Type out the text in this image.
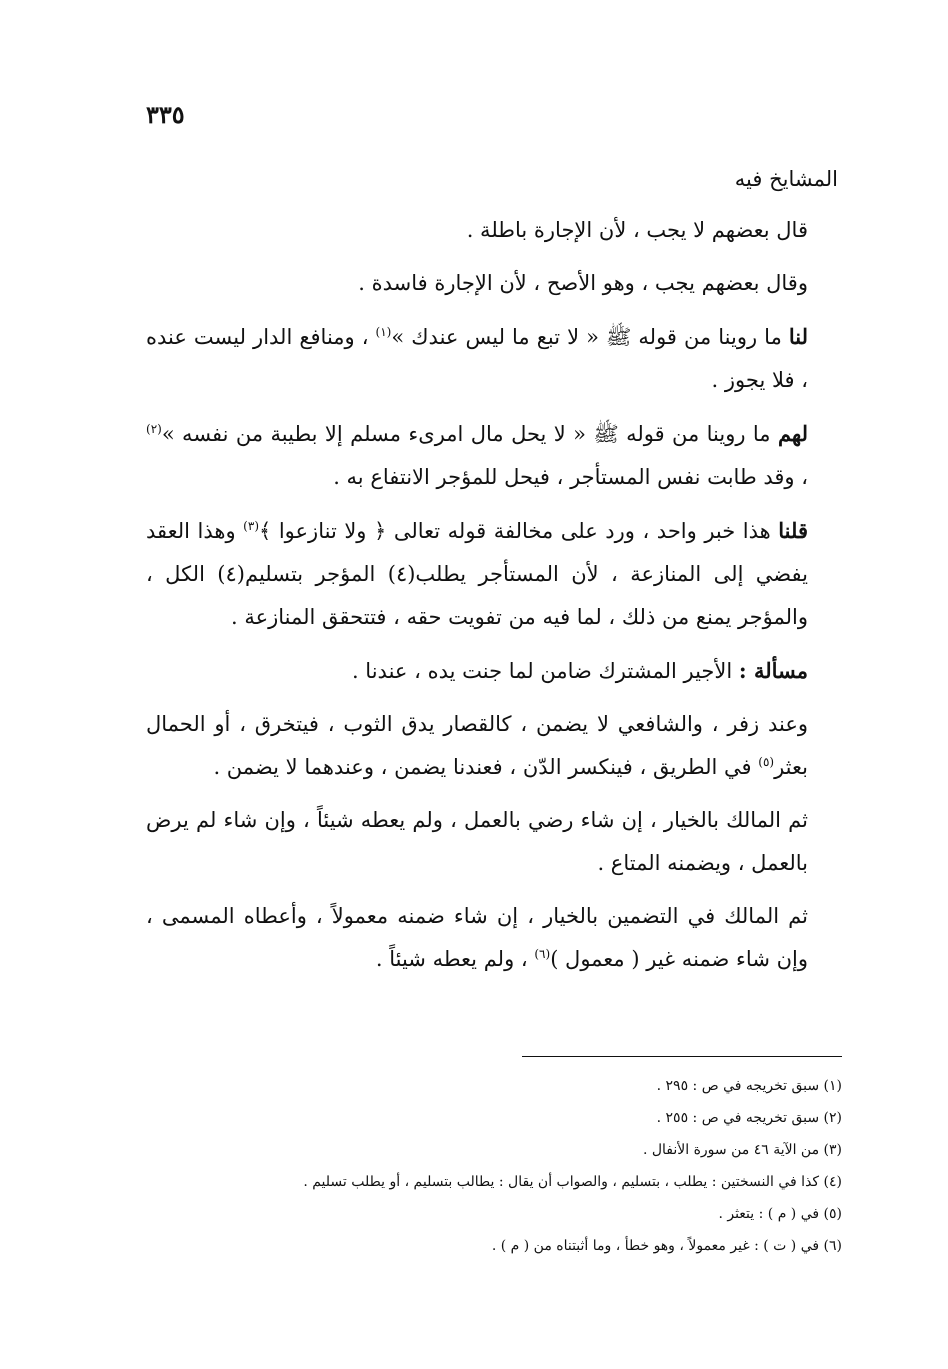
٣٣٥

المشايخ فيه

قال بعضهم لا يجب ، لأن الإجارة باطلة .

وقال بعضهم يجب ، وهو الأصح ، لأن الإجارة فاسدة .

لنا ما روينا من قوله ﷺ « لا تبع ما ليس عندك »$^{(١)}$ ، ومنافع الدار ليست عنده ، فلا يجوز .

لهم ما روينا من قوله ﷺ « لا يحل مال امرىء مسلم إلا بطيبة من نفسه »$^{(٢)}$ ، وقد طابت نفس المستأجر ، فيحل للمؤجر الانتفاع به .

قلنا هذا خبر واحد ، ورد على مخالفة قوله تعالى ﴿ ولا تنازعوا ﴾$^{(٣)}$ وهذا العقد يفضي إلى المنازعة ، لأن المستأجر يطلب(٤) المؤجر بتسليم(٤) الكل ، والمؤجر يمنع من ذلك ، لما فيه من تفويت حقه ، فتتحقق المنازعة .

مسألة : الأجير المشترك ضامن لما جنت يده ، عندنا .

وعند زفر ، والشافعي لا يضمن ، كالقصار يدق الثوب ، فيتخرق ، أو الحمال بعثر$^{(٥)}$ في الطريق ، فينكسر الدّن ، فعندنا يضمن ، وعندهما لا يضمن .

ثم المالك بالخيار ، إن شاء رضي بالعمل ، ولم يعطه شيئاً ، وإن شاء لم يرض بالعمل ، ويضمنه المتاع .

ثم المالك في التضمين بالخيار ، إن شاء ضمنه معمولاً ، وأعطاه المسمى ، وإن شاء ضمنه غير ( معمول )$^{(٦)}$ ، ولم يعطه شيئاً .

(١) سبق تخريجه في ص : ٢٩٥ .

(٢) سبق تخريجه في ص : ٢٥٥ .

(٣) من الآية ٤٦ من سورة الأنفال .

(٤) كذا في النسختين : يطلب ، بتسليم ، والصواب أن يقال : يطالب بتسليم ، أو يطلب تسليم .

(٥) في ( م ) : يتعثر .

(٦) في ( ت ) : غير معمولاً ، وهو خطأ ، وما أثبتناه من ( م ) .
